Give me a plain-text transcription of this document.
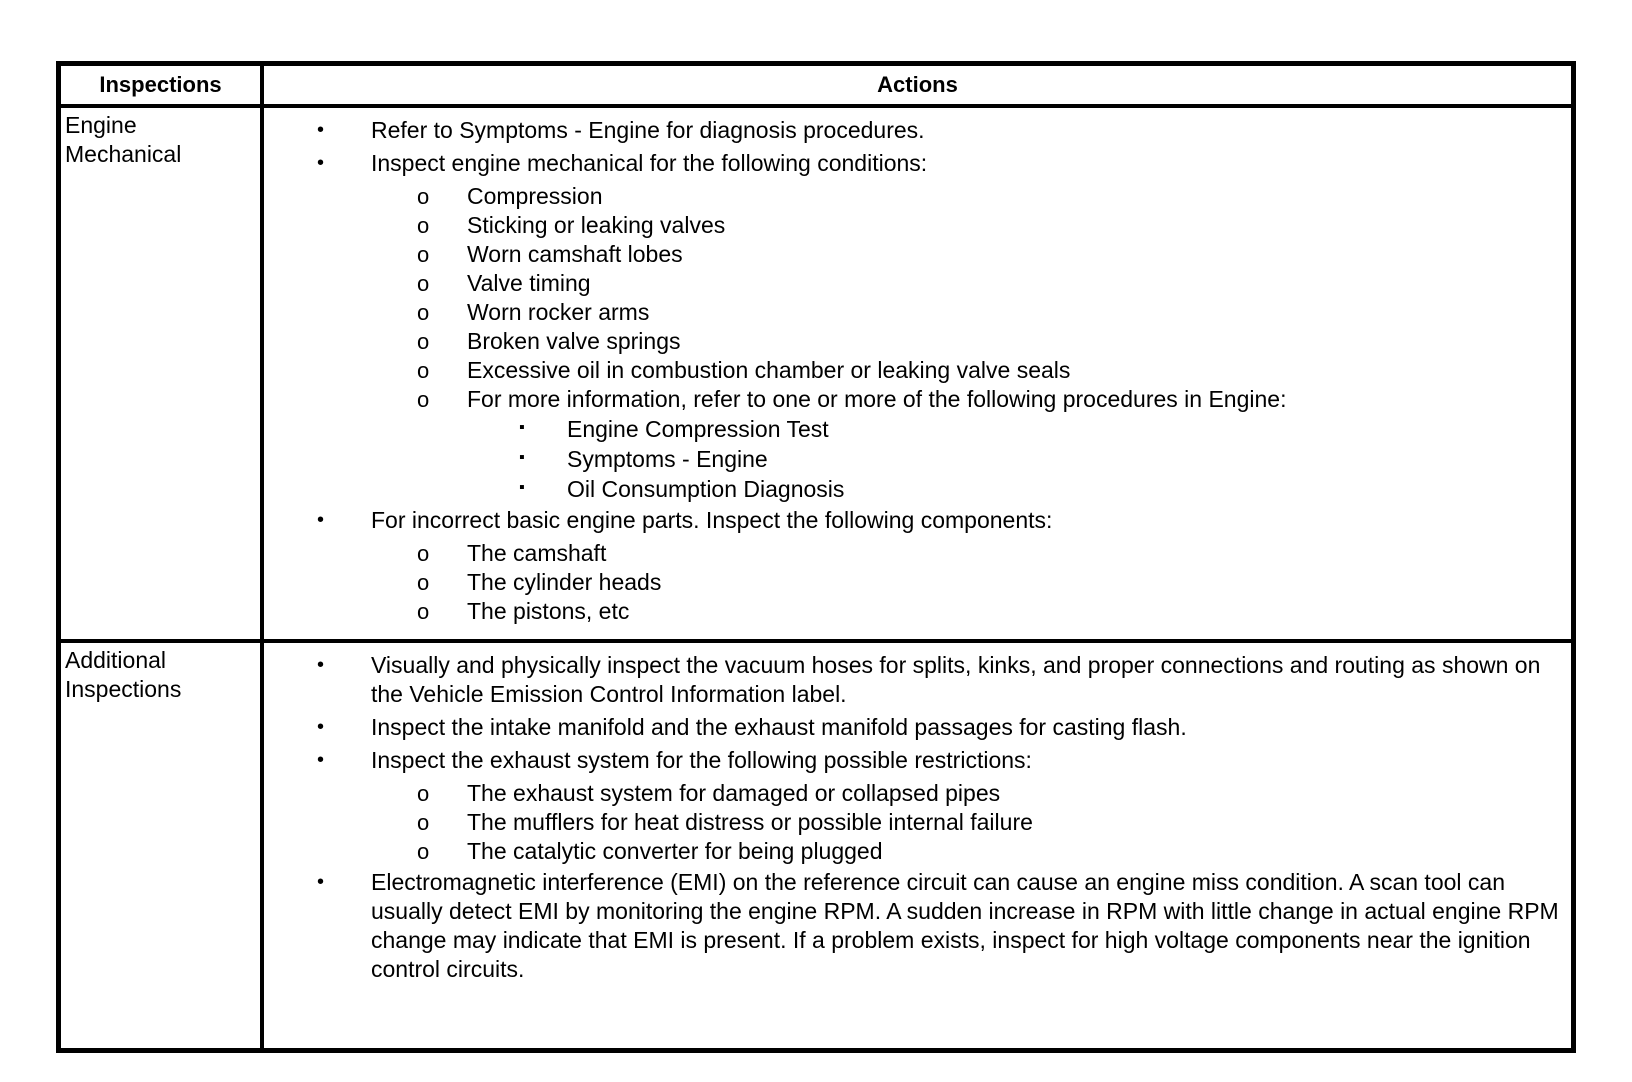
Inspections	Actions
Engine
Mechanical
• Refer to Symptoms - Engine for diagnosis procedures.
• Inspect engine mechanical for the following conditions:
o Compression
o Sticking or leaking valves
o Worn camshaft lobes
o Valve timing
o Worn rocker arms
o Broken valve springs
o Excessive oil in combustion chamber or leaking valve seals
o For more information, refer to one or more of the following procedures in Engine:
▪ Engine Compression Test
▪ Symptoms - Engine
▪ Oil Consumption Diagnosis
• For incorrect basic engine parts. Inspect the following components:
o The camshaft
o The cylinder heads
o The pistons, etc
Additional
Inspections
• Visually and physically inspect the vacuum hoses for splits, kinks, and proper connections and routing as shown on the Vehicle Emission Control Information label.
• Inspect the intake manifold and the exhaust manifold passages for casting flash.
• Inspect the exhaust system for the following possible restrictions:
o The exhaust system for damaged or collapsed pipes
o The mufflers for heat distress or possible internal failure
o The catalytic converter for being plugged
• Electromagnetic interference (EMI) on the reference circuit can cause an engine miss condition. A scan tool can usually detect EMI by monitoring the engine RPM. A sudden increase in RPM with little change in actual engine RPM change may indicate that EMI is present. If a problem exists, inspect for high voltage components near the ignition control circuits.
